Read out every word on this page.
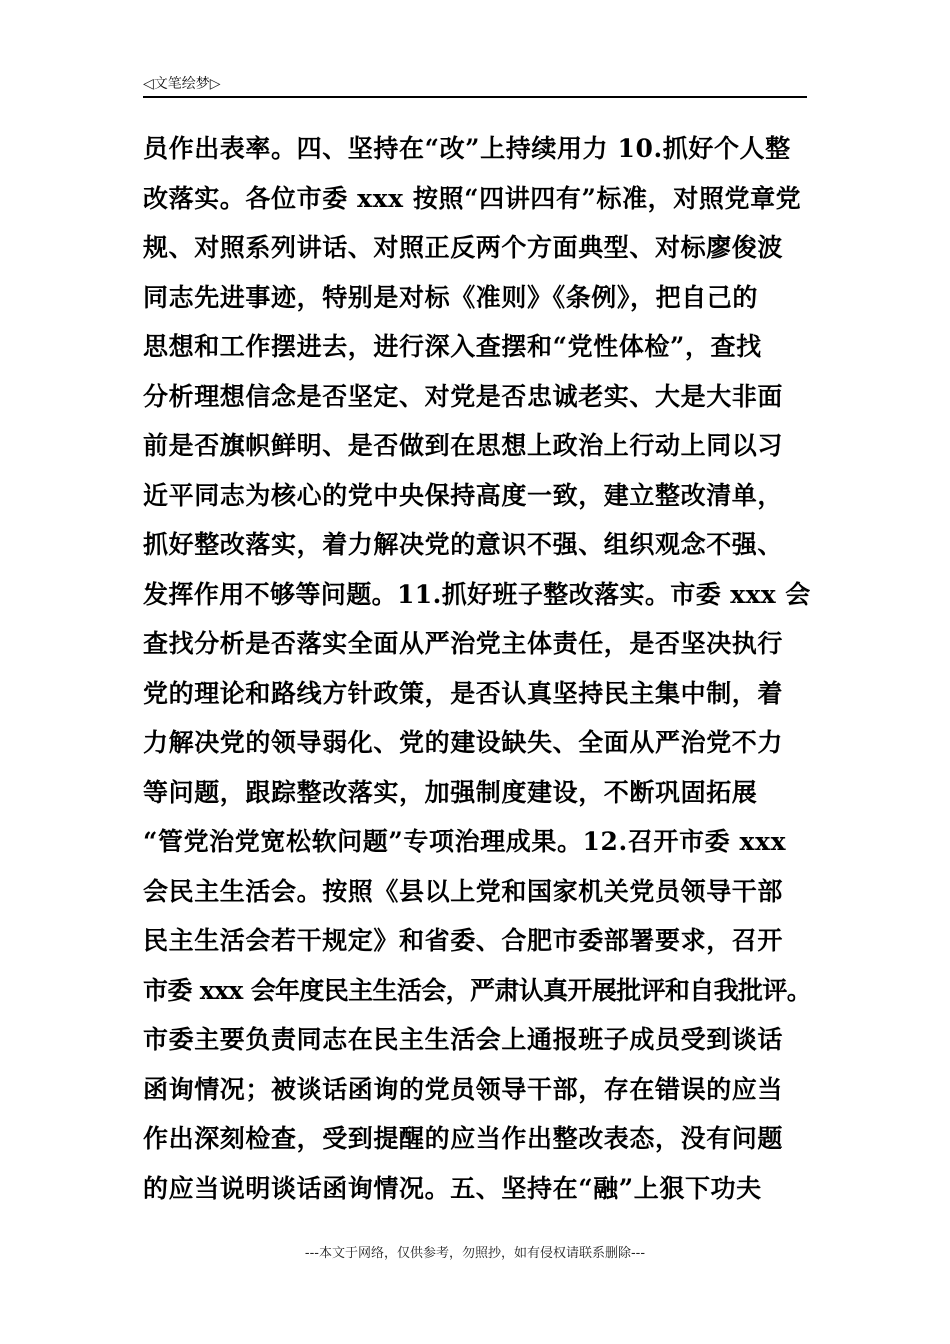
◁文笔绘梦▷
员作出表率。四、坚持在“改”上持续用力 10.抓好个人整
改落实。各位市委 xxx 按照“四讲四有”标准，对照党章党
规、对照系列讲话、对照正反两个方面典型、对标廖俊波
同志先进事迹，特别是对标《准则》《条例》，把自己的
思想和工作摆进去，进行深入查摆和“党性体检”，查找
分析理想信念是否坚定、对党是否忠诚老实、大是大非面
前是否旗帜鲜明、是否做到在思想上政治上行动上同以习
近平同志为核心的党中央保持高度一致，建立整改清单，
抓好整改落实，着力解决党的意识不强、组织观念不强、
发挥作用不够等问题。11.抓好班子整改落实。市委 xxx 会
查找分析是否落实全面从严治党主体责任，是否坚决执行
党的理论和路线方针政策，是否认真坚持民主集中制，着
力解决党的领导弱化、党的建设缺失、全面从严治党不力
等问题，跟踪整改落实，加强制度建设，不断巩固拓展
“管党治党宽松软问题”专项治理成果。12.召开市委 xxx
会民主生活会。按照《县以上党和国家机关党员领导干部
民主生活会若干规定》和省委、合肥市委部署要求，召开
市委 xxx 会年度民主生活会，严肃认真开展批评和自我批评。
市委主要负责同志在民主生活会上通报班子成员受到谈话
函询情况；被谈话函询的党员领导干部，存在错误的应当
作出深刻检查，受到提醒的应当作出整改表态，没有问题
的应当说明谈话函询情况。五、坚持在“融”上狠下功夫
---本文于网络，仅供参考，勿照抄，如有侵权请联系删除---
